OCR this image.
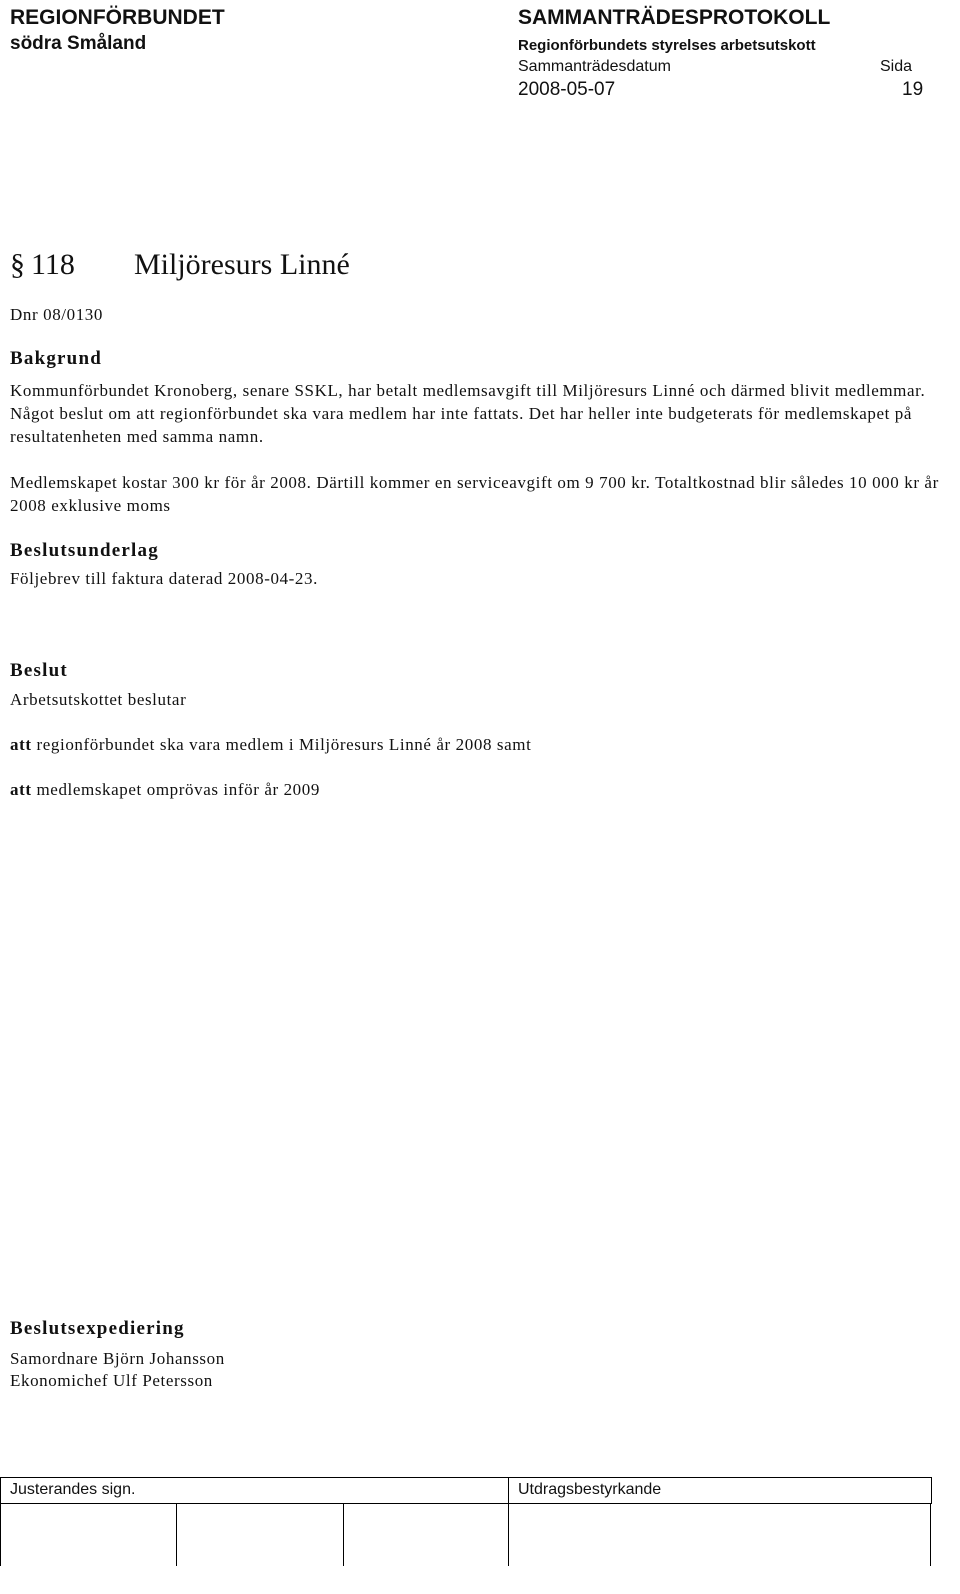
REGIONFÖRBUNDET
södra Småland
SAMMANTRÄDESPROTOKOLL
Regionförbundets styrelses arbetsutskott
Sammanträdesdatum	Sida
2008-05-07	19
§ 118 Miljöresurs Linné
Dnr 08/0130
Bakgrund
Kommunförbundet Kronoberg, senare SSKL, har betalt medlemsavgift till Miljöresurs Linné och därmed blivit medlemmar. Något beslut om att regionförbundet ska vara medlem har inte fattats. Det har heller inte budgeterats för medlemskapet på resultatenheten med samma namn.
Medlemskapet kostar 300 kr för år 2008. Därtill kommer en serviceavgift om 9 700 kr. Totaltkostnad blir således 10 000 kr år 2008 exklusive moms
Beslutsunderlag
Följebrev till faktura daterad 2008-04-23.
Beslut
Arbetsutskottet beslutar
att regionförbundet ska vara medlem i Miljöresurs Linné år 2008 samt
att medlemskapet omprövas inför år 2009
Beslutsexpediering
Samordnare Björn Johansson
Ekonomichef Ulf Petersson
Justerandes sign.	Utdragsbestyrkande
